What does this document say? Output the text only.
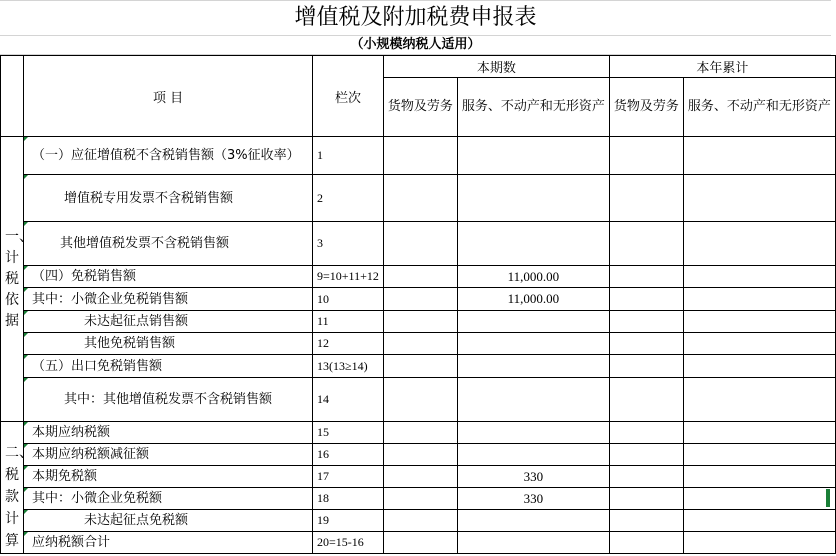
增值税及附加税费申报表
（小规模纳税人适用）
	项 目	栏次	本期数		本年累计	
			货物及劳务	服务、不动产和无形资产	货物及劳务	服务、不动产和无形资产
一、计税依据	（一）应征增值税不含税销售额（3%征收率）	1				
	增值税专用发票不含税销售额	2				
	其他增值税发票不含税销售额	3				
	（四）免税销售额	9=10+11+12		11,000.00		
	其中：小微企业免税销售额	10		11,000.00		
	未达起征点销售额	11				
	其他免税销售额	12				
	（五）出口免税销售额	13(13≥14)				
	其中：其他增值税发票不含税销售额	14				
二、税款计算	本期应纳税额	15				
	本期应纳税额减征额	16				
	本期免税额	17		330		
	其中：小微企业免税额	18		330		
	未达起征点免税额	19				
	应纳税额合计	20=15-16				
